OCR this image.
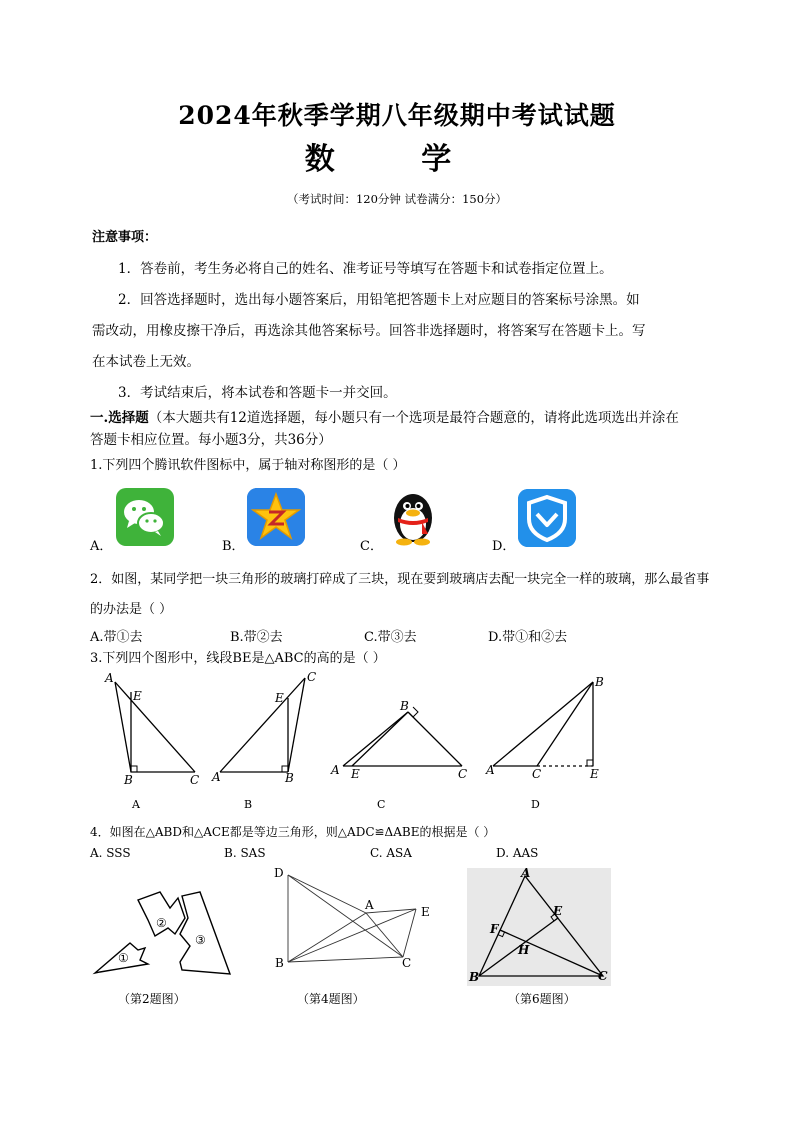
2024年秋季学期八年级期中考试试题
数 学
（考试时间：120分钟 试卷满分：150分）
注意事项：
1．答卷前，考生务必将自己的姓名、准考证号等填写在答题卡和试卷指定位置上。
2．回答选择题时，选出每小题答案后，用铅笔把答题卡上对应题目的答案标号涂黑。如
需改动，用橡皮擦干净后，再选涂其他答案标号。回答非选择题时，将答案写在答题卡上。写
在本试卷上无效。
3．考试结束后，将本试卷和答题卡一并交回。
一.选择题（本大题共有12道选择题，每小题只有一个选项是最符合题意的，请将此选项选出并涂在
答题卡相应位置。每小题3分，共36分）
1.下列四个腾讯软件图标中，属于轴对称图形的是（ ）
A．	B．	C．	D．
2．如图，某同学把一块三角形的玻璃打碎成了三块，现在要到玻璃店去配一块完全一样的玻璃，那么最省事
的办法是（ ）
A.带①去	B.带②去	C.带③去	D.带①和②去
3.下列四个图形中，线段BE是△ABC的高的是（ ）
A
E
B	C
C
E
A	B
B
A E	C
B
A	C	E
A	B	C	D
4．如图在△ABD和△ACE都是等边三角形，则△ADC≌ΔABE的根据是（ ）
A. SSS	B. SAS	C. ASA	D. AAS
①
②
③
（第2题图）
D
A	E
B	C
（第4题图）
A
E
F
H
B	C
（第6题图）
